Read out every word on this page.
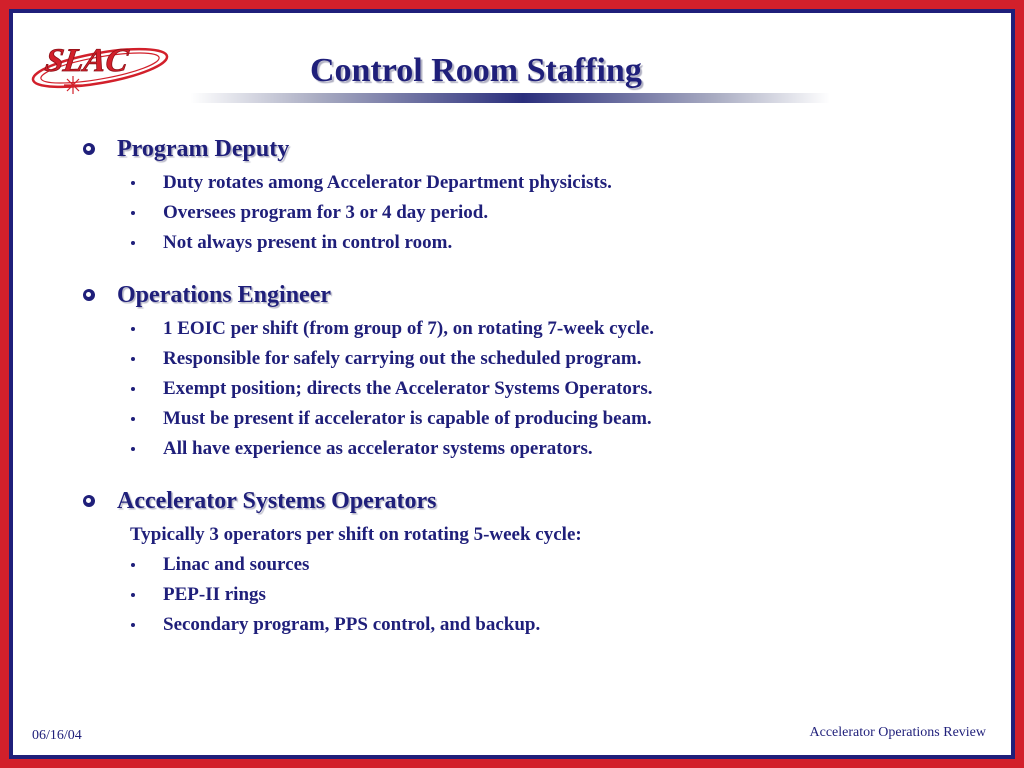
SLAC	Control Room Staffing
Program Deputy
Duty rotates among Accelerator Department physicists.
Oversees program for 3 or 4 day period.
Not always present in control room.
Operations Engineer
1 EOIC per shift (from group of 7), on rotating 7-week cycle.
Responsible for safely carrying out the scheduled program.
Exempt position; directs the Accelerator Systems Operators.
Must be present if accelerator is capable of producing beam.
All have experience as accelerator systems operators.
Accelerator Systems Operators
Typically 3 operators per shift on rotating 5-week cycle:
Linac and sources
PEP-II rings
Secondary program, PPS control, and backup.
06/16/04	Accelerator Operations Review
